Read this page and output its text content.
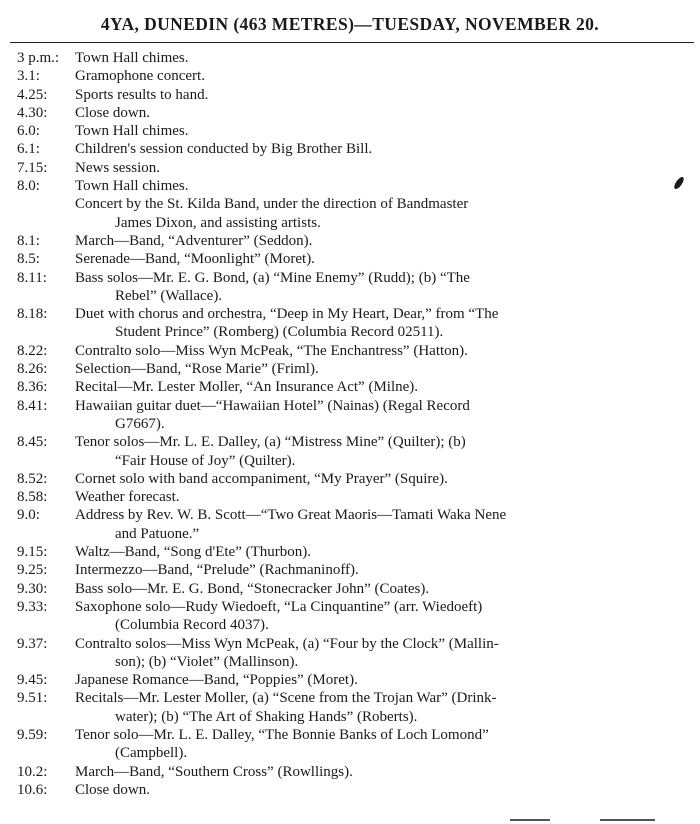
4YA, DUNEDIN (463 METRES)—TUESDAY, NOVEMBER 20.
3 p.m.:	Town Hall chimes.
3.1:	Gramophone concert.
4.25:	Sports results to hand.
4.30:	Close down.
6.0:	Town Hall chimes.
6.1:	Children's session conducted by Big Brother Bill.
7.15:	News session.
8.0:	Town Hall chimes.
Concert by the St. Kilda Band, under the direction of Bandmaster
James Dixon, and assisting artists.
8.1:	March—Band, “Adventurer” (Seddon).
8.5:	Serenade—Band, “Moonlight” (Moret).
8.11:	Bass solos—Mr. E. G. Bond, (a) “Mine Enemy” (Rudd); (b) “The
Rebel” (Wallace).
8.18:	Duet with chorus and orchestra, “Deep in My Heart, Dear,” from “The
Student Prince” (Romberg) (Columbia Record 02511).
8.22:	Contralto solo—Miss Wyn McPeak, “The Enchantress” (Hatton).
8.26:	Selection—Band, “Rose Marie” (Friml).
8.36:	Recital—Mr. Lester Moller, “An Insurance Act” (Milne).
8.41:	Hawaiian guitar duet—“Hawaiian Hotel” (Nainas) (Regal Record
G7667).
8.45:	Tenor solos—Mr. L. E. Dalley, (a) “Mistress Mine” (Quilter); (b)
“Fair House of Joy” (Quilter).
8.52:	Cornet solo with band accompaniment, “My Prayer” (Squire).
8.58:	Weather forecast.
9.0:	Address by Rev. W. B. Scott—“Two Great Maoris—Tamati Waka Nene
and Patuone.”
9.15:	Waltz—Band, “Song d'Ete” (Thurbon).
9.25:	Intermezzo—Band, “Prelude” (Rachmaninoff).
9.30:	Bass solo—Mr. E. G. Bond, “Stonecracker John” (Coates).
9.33:	Saxophone solo—Rudy Wiedoeft, “La Cinquantine” (arr. Wiedoeft)
(Columbia Record 4037).
9.37:	Contralto solos—Miss Wyn McPeak, (a) “Four by the Clock” (Mallin-
son); (b) “Violet” (Mallinson).
9.45:	Japanese Romance—Band, “Poppies” (Moret).
9.51:	Recitals—Mr. Lester Moller, (a) “Scene from the Trojan War” (Drink-
water); (b) “The Art of Shaking Hands” (Roberts).
9.59:	Tenor solo—Mr. L. E. Dalley, “The Bonnie Banks of Loch Lomond”
(Campbell).
10.2:	March—Band, “Southern Cross” (Rowllings).
10.6:	Close down.
